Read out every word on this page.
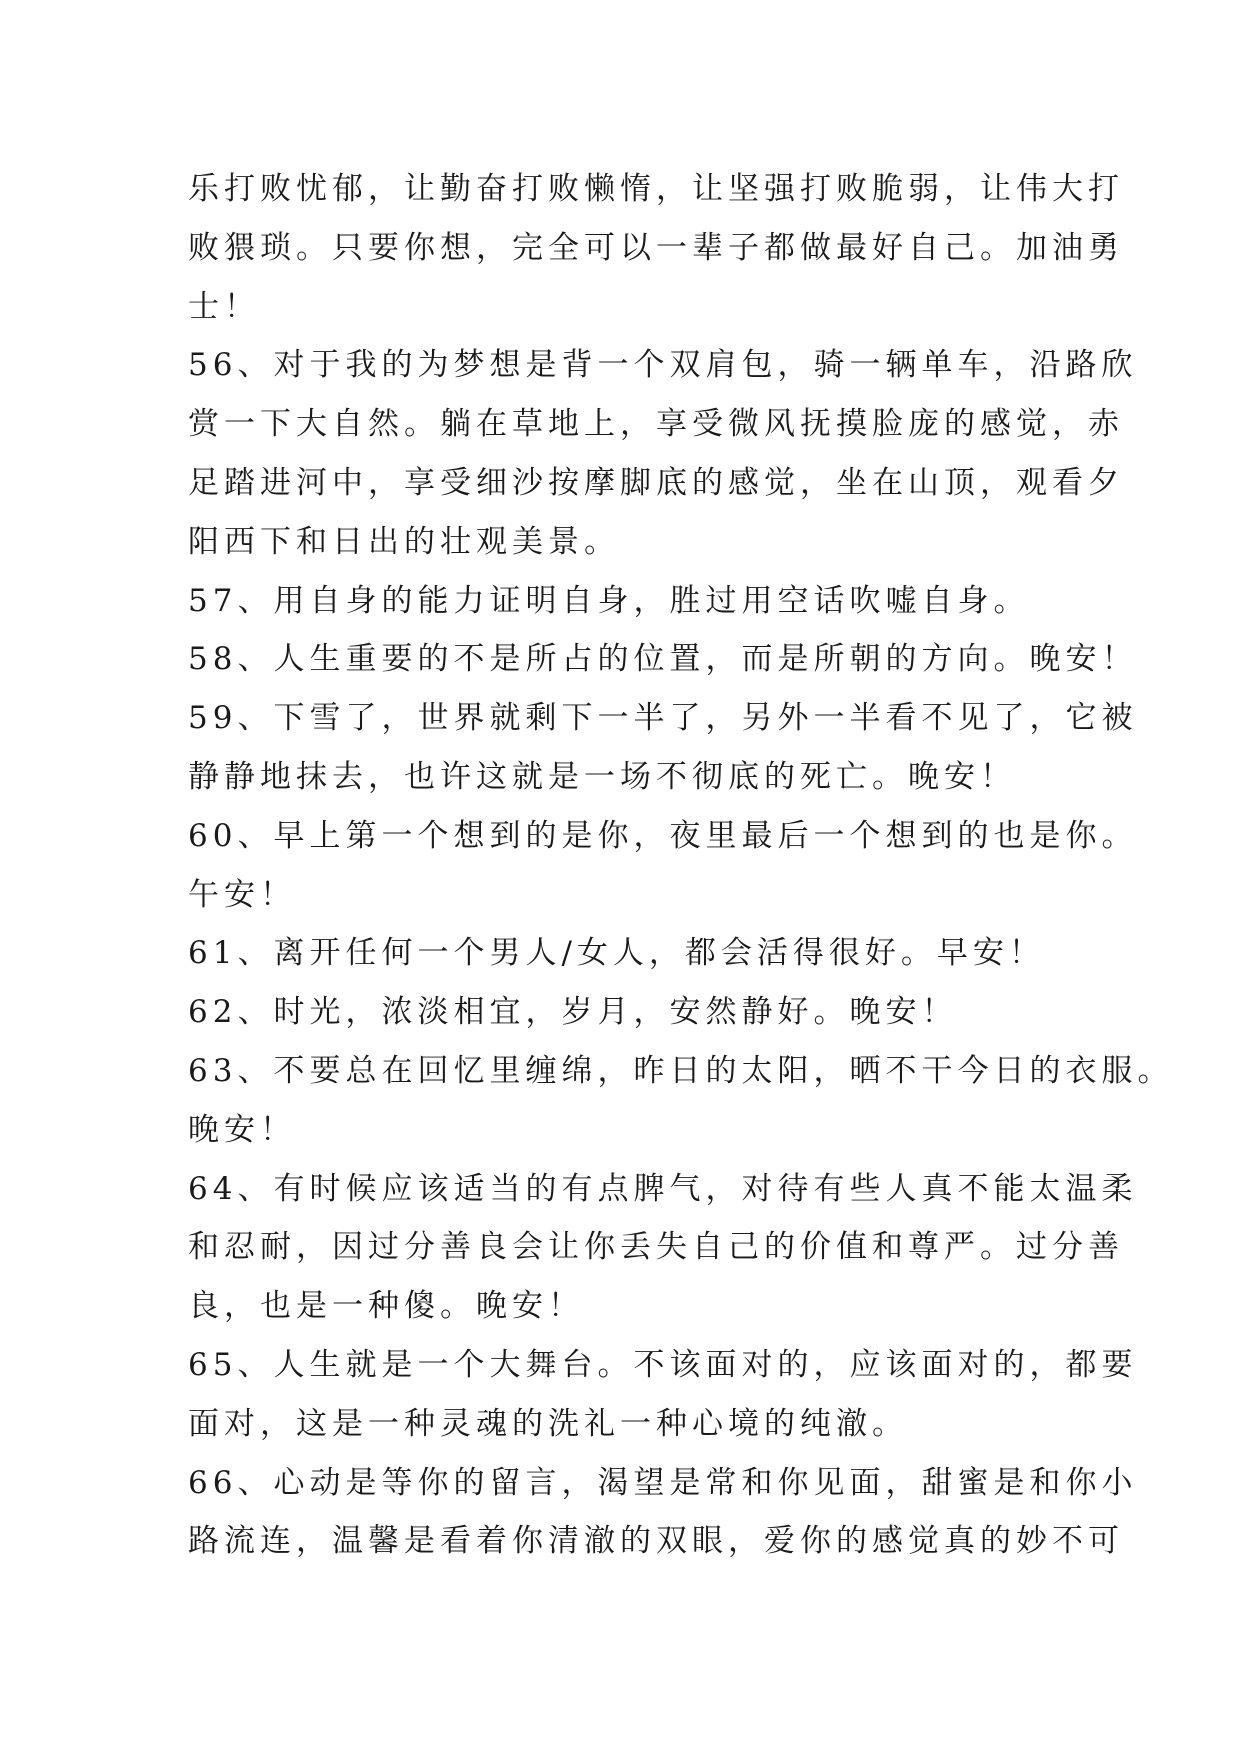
乐打败忧郁，让勤奋打败懒惰，让坚强打败脆弱，让伟大打
败猥琐。只要你想，完全可以一辈子都做最好自己。加油勇
士！
56、对于我的为梦想是背一个双肩包，骑一辆单车，沿路欣
赏一下大自然。躺在草地上，享受微风抚摸脸庞的感觉，赤
足踏进河中，享受细沙按摩脚底的感觉，坐在山顶，观看夕
阳西下和日出的壮观美景。
57、用自身的能力证明自身，胜过用空话吹嘘自身。
58、人生重要的不是所占的位置，而是所朝的方向。晚安！
59、下雪了，世界就剩下一半了，另外一半看不见了，它被
静静地抹去，也许这就是一场不彻底的死亡。晚安！
60、早上第一个想到的是你，夜里最后一个想到的也是你。
午安！
61、离开任何一个男人/女人，都会活得很好。早安！
62、时光，浓淡相宜，岁月，安然静好。晚安！
63、不要总在回忆里缠绵，昨日的太阳，晒不干今日的衣服。
晚安！
64、有时候应该适当的有点脾气，对待有些人真不能太温柔
和忍耐，因过分善良会让你丢失自己的价值和尊严。过分善
良，也是一种傻。晚安！
65、人生就是一个大舞台。不该面对的，应该面对的，都要
面对，这是一种灵魂的洗礼一种心境的纯澈。
66、心动是等你的留言，渴望是常和你见面，甜蜜是和你小
路流连，温馨是看着你清澈的双眼，爱你的感觉真的妙不可
